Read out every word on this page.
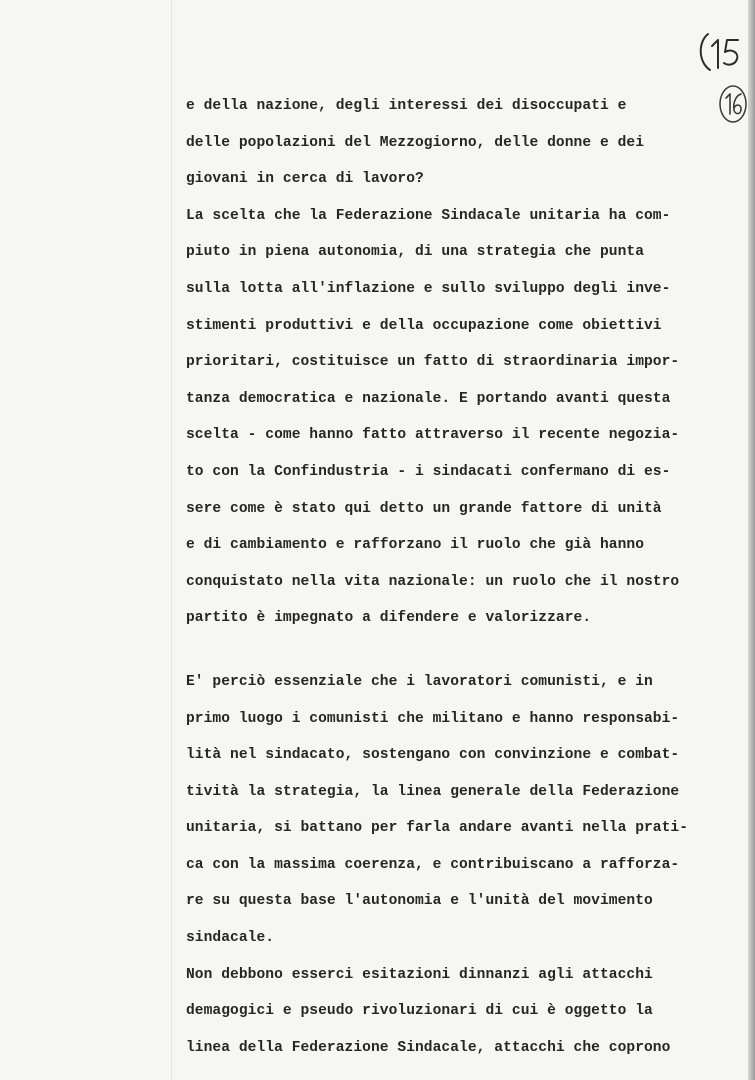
e della nazione, degli interessi dei disoccupati e
delle popolazioni del Mezzogiorno, delle donne e dei
giovani in cerca di lavoro?
La scelta che la Federazione Sindacale unitaria ha com-
piuto in piena autonomia, di una strategia che punta
sulla lotta all'inflazione e sullo sviluppo degli inve-
stimenti produttivi e della occupazione come obiettivi
prioritari, costituisce un fatto di straordinaria impor-
tanza democratica e nazionale. E portando avanti questa
scelta - come hanno fatto attraverso il recente negozia-
to con la Confindustria - i sindacati confermano di es-
sere come è stato qui detto un grande fattore di unità
e di cambiamento e rafforzano il ruolo che già hanno
conquistato nella vita nazionale: un ruolo che il nostro
partito è impegnato a difendere e valorizzare.
E' perciò essenziale che i lavoratori comunisti, e in
primo luogo i comunisti che militano e hanno responsabi-
lità nel sindacato, sostengano con convinzione e combat-
tività la strategia, la linea generale della Federazione
unitaria, si battano per farla andare avanti nella prati-
ca con la massima coerenza, e contribuiscano a rafforza-
re su questa base l'autonomia e l'unità del movimento
sindacale.
Non debbono esserci esitazioni dinnanzi agli attacchi
demagogici e pseudo rivoluzionari di cui è oggetto la
linea della Federazione Sindacale, attacchi che coprono
